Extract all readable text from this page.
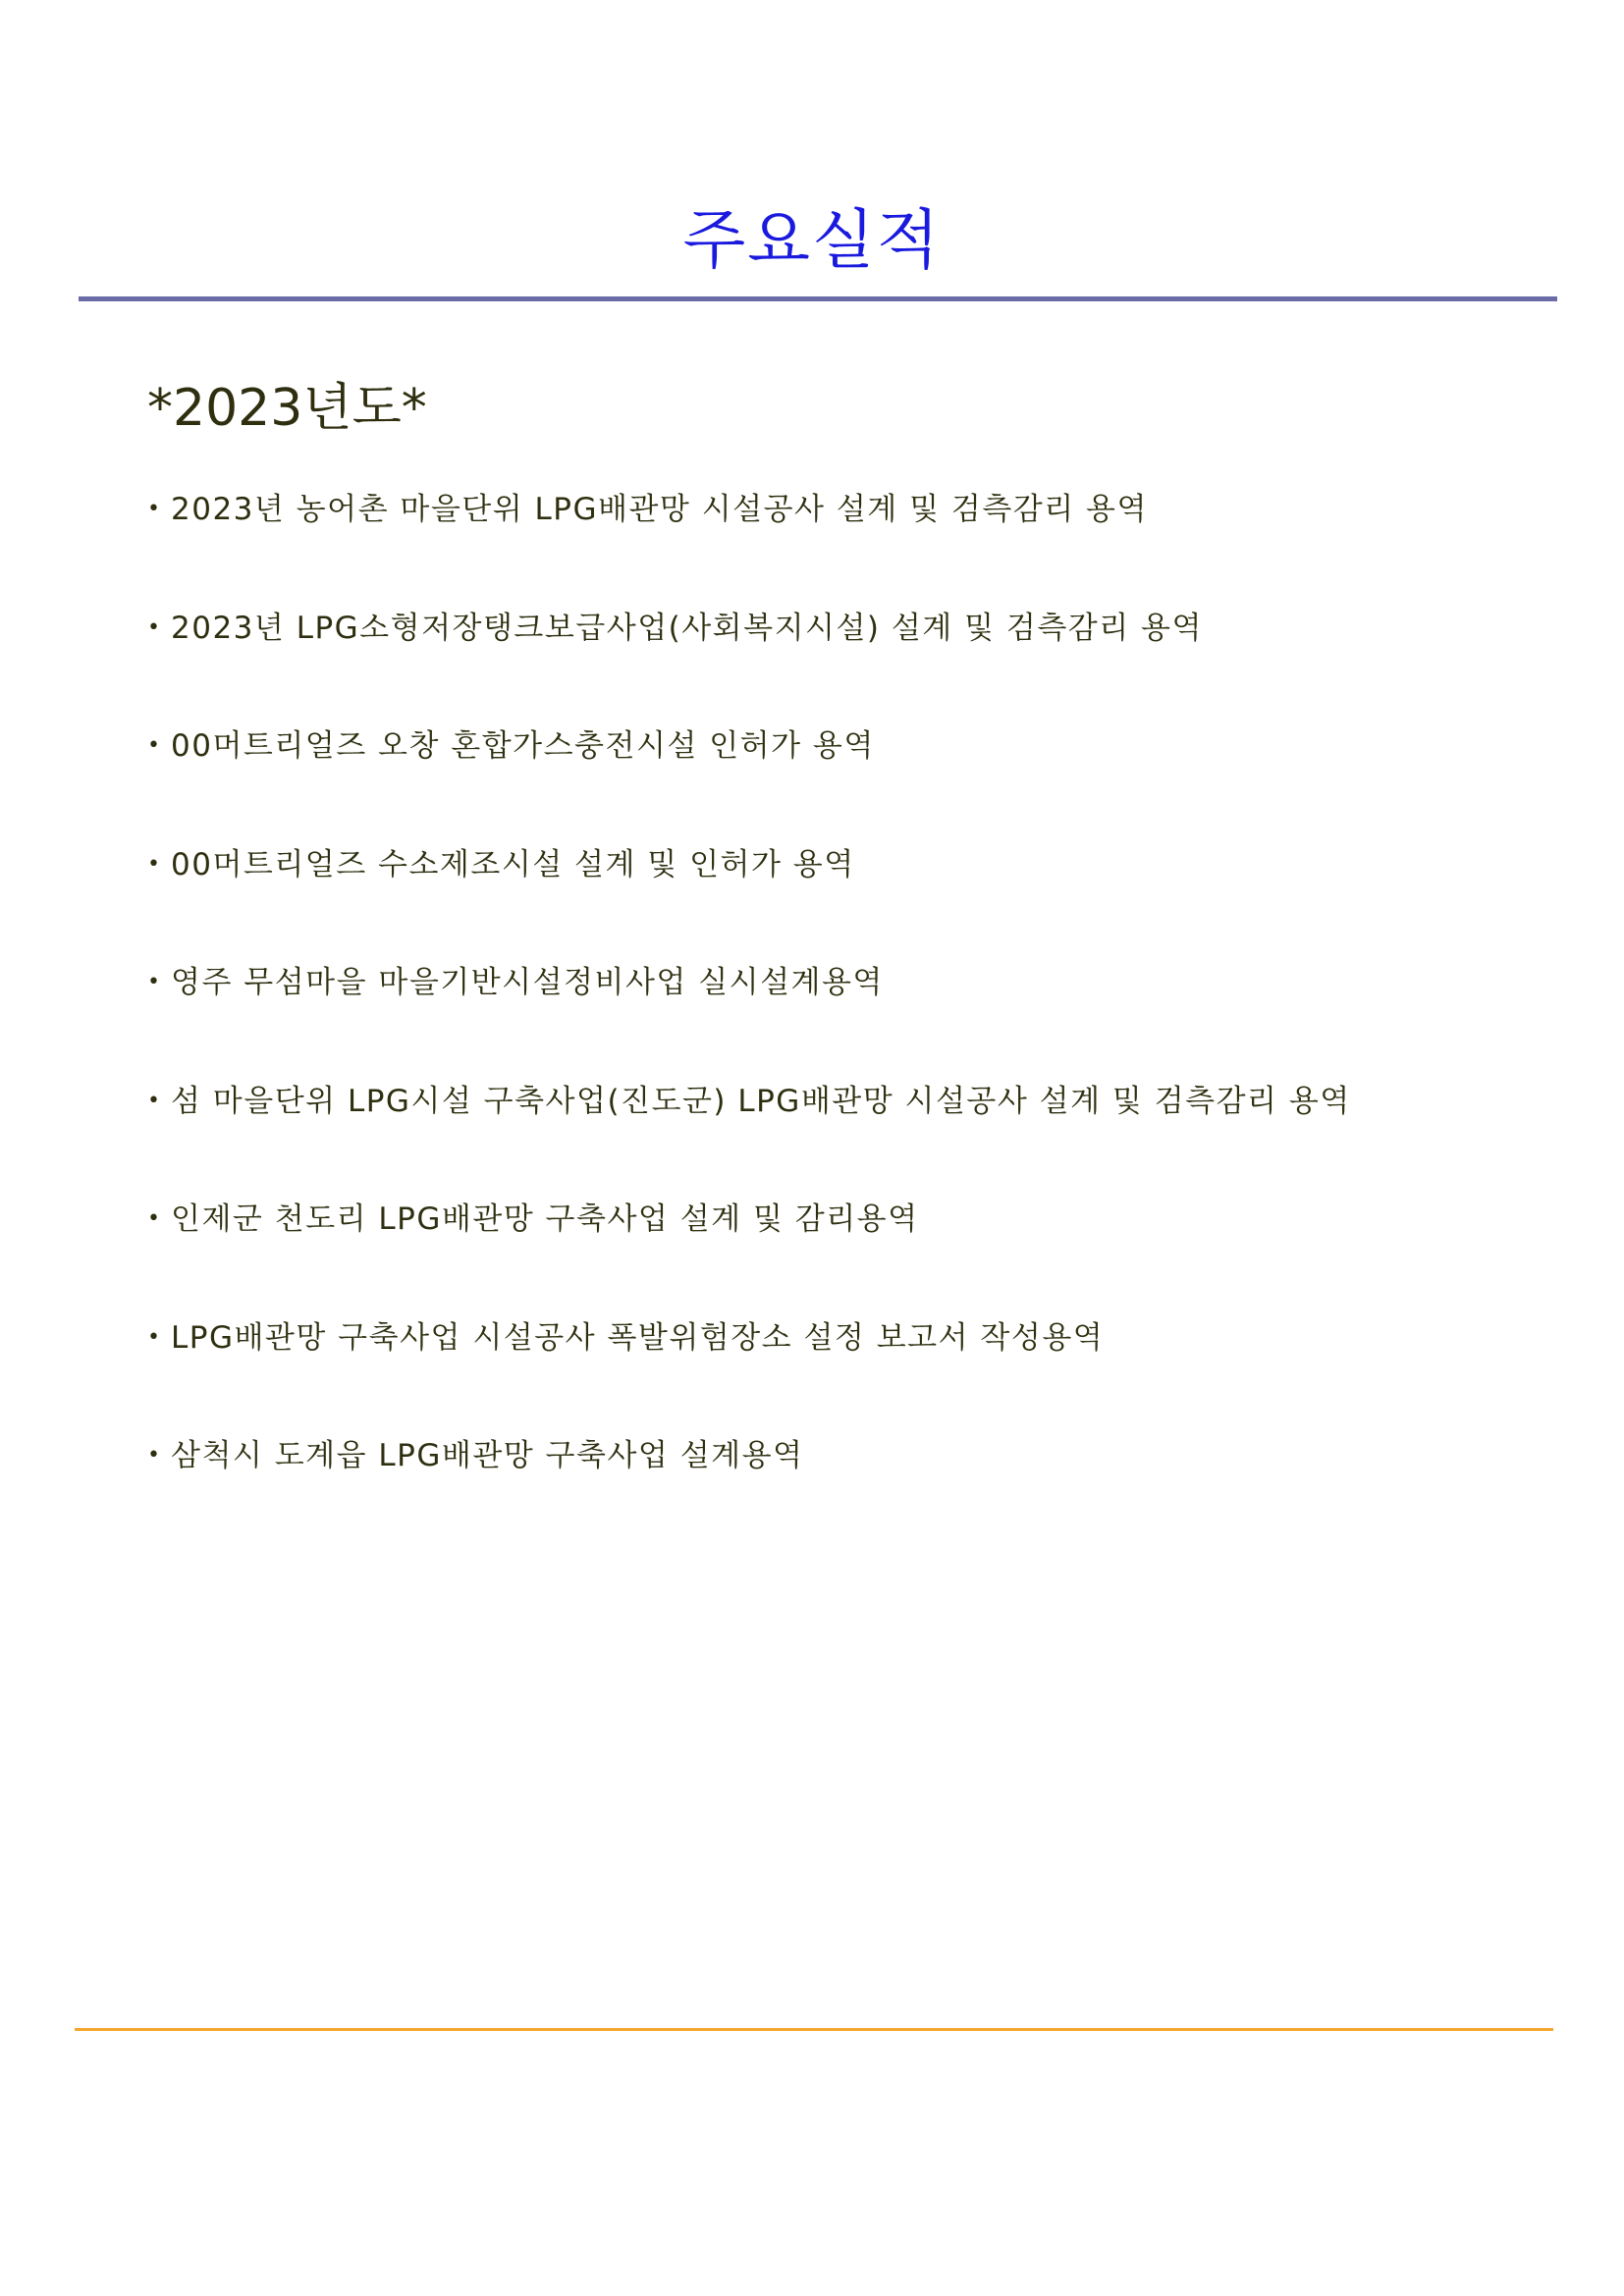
주요실적
*2023년도*
• 2023년 농어촌 마을단위 LPG배관망 시설공사 설계 및 검측감리 용역
• 2023년 LPG소형저장탱크보급사업(사회복지시설) 설계 및 검측감리 용역
• 00머트리얼즈 오창 혼합가스충전시설 인허가 용역
• 00머트리얼즈 수소제조시설 설계 및 인허가 용역
• 영주 무섬마을 마을기반시설정비사업 실시설계용역
• 섬 마을단위 LPG시설 구축사업(진도군) LPG배관망 시설공사 설계 및 검측감리 용역
• 인제군 천도리 LPG배관망 구축사업 설계 및 감리용역
• LPG배관망 구축사업 시설공사 폭발위험장소 설정 보고서 작성용역
• 삼척시 도계읍 LPG배관망 구축사업 설계용역
